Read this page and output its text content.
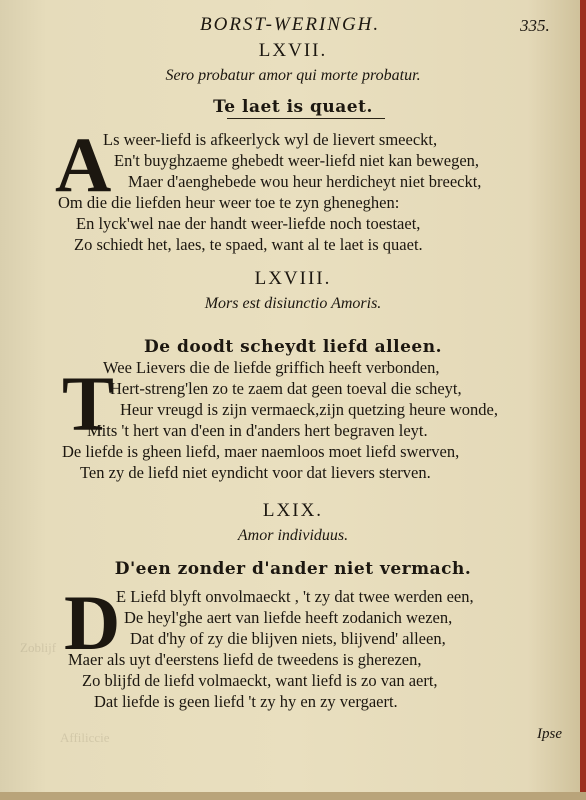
Zoblijf
Affiliccie
BORST-WERINGH.	335.
LXVII.
Sero probatur amor qui morte probatur.
Te laet is quaet.
A
Ls weer-liefd is afkeerlyck wyl de lievert smeeckt,
En't buyghzaeme ghebedt weer-liefd niet kan bewegen,
Maer d'aenghebede wou heur herdicheyt niet breeckt,
Om die die liefden heur weer toe te zyn gheneghen:
En lyck'wel nae der handt weer-liefde noch toestaet,
Zo schiedt het, laes, te spaed, want al te laet is quaet.
LXVIII.
Mors est disiunctio Amoris.
De doodt scheydt liefd alleen.
T
Wee Lievers die de liefde griffich heeft verbonden,
Hert-streng'len zo te zaem dat geen toeval die scheyt,
Heur vreugd is zijn vermaeck,zijn quetzing heure wonde,
Mits 't hert van d'een in d'anders hert begraven leyt.
De liefde is gheen liefd, maer naemloos moet liefd swerven,
Ten zy de liefd niet eyndicht voor dat lievers sterven.
LXIX.
Amor individuus.
D'een zonder d'ander niet vermach.
D
E Liefd blyft onvolmaeckt , 't zy dat twee werden een,
De heyl'ghe aert van liefde heeft zodanich wezen,
Dat d'hy of zy die blijven niets, blijvend' alleen,
Maer als uyt d'eerstens liefd de tweedens is gherezen,
Zo blijfd de liefd volmaeckt, want liefd is zo van aert,
Dat liefde is geen liefd 't zy hy en zy vergaert.
Ipse
